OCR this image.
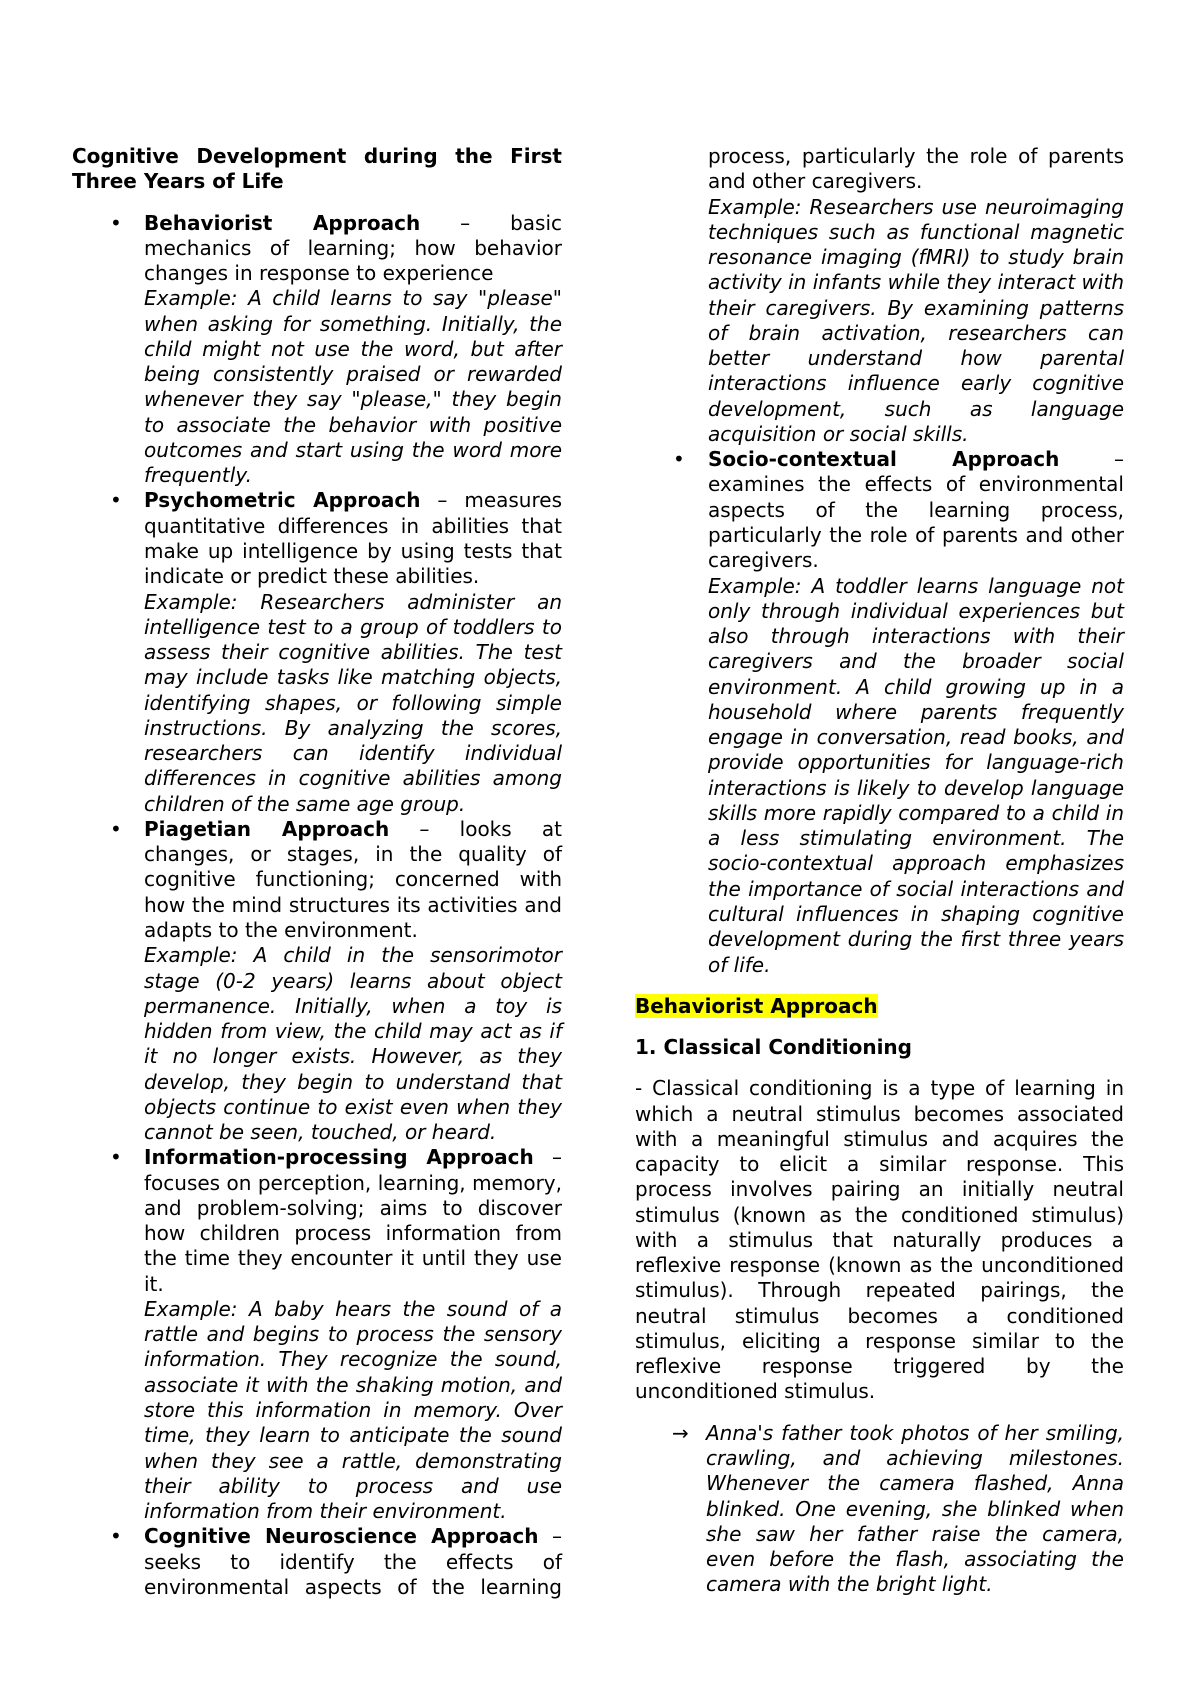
Cognitive Development during the First Three Years of Life
• Behaviorist Approach – basic mechanics of learning; how behavior changes in response to experience
Example: A child learns to say "please" when asking for something. Initially, the child might not use the word, but after being consistently praised or rewarded whenever they say "please," they begin to associate the behavior with positive outcomes and start using the word more frequently.
• Psychometric Approach – measures quantitative differences in abilities that make up intelligence by using tests that indicate or predict these abilities.
Example: Researchers administer an intelligence test to a group of toddlers to assess their cognitive abilities. The test may include tasks like matching objects, identifying shapes, or following simple instructions. By analyzing the scores, researchers can identify individual differences in cognitive abilities among children of the same age group.
• Piagetian Approach – looks at changes, or stages, in the quality of cognitive functioning; concerned with how the mind structures its activities and adapts to the environment.
Example: A child in the sensorimotor stage (0-2 years) learns about object permanence. Initially, when a toy is hidden from view, the child may act as if it no longer exists. However, as they develop, they begin to understand that objects continue to exist even when they cannot be seen, touched, or heard.
• Information-processing Approach – focuses on perception, learning, memory, and problem-solving; aims to discover how children process information from the time they encounter it until they use it.
Example: A baby hears the sound of a rattle and begins to process the sensory information. They recognize the sound, associate it with the shaking motion, and store this information in memory. Over time, they learn to anticipate the sound when they see a rattle, demonstrating their ability to process and use information from their environment.
• Cognitive Neuroscience Approach – seeks to identify the effects of environmental aspects of the learning
process, particularly the role of parents and other caregivers.
Example: Researchers use neuroimaging techniques such as functional magnetic resonance imaging (fMRI) to study brain activity in infants while they interact with their caregivers. By examining patterns of brain activation, researchers can better understand how parental interactions influence early cognitive development, such as language acquisition or social skills.
• Socio-contextual Approach	– examines the effects of environmental aspects of the learning process, particularly the role of parents and other caregivers.
Example: A toddler learns language not only through individual experiences but also through interactions with their caregivers and the broader social environment. A child growing up in a household where parents frequently engage in conversation, read books, and provide opportunities for language-rich interactions is likely to develop language skills more rapidly compared to a child in a less stimulating environment. The socio-contextual approach emphasizes the importance of social interactions and cultural influences in shaping cognitive development during the first three years of life.
Behaviorist Approach
1. Classical Conditioning
- Classical conditioning is a type of learning in which a neutral stimulus becomes associated with a meaningful stimulus and acquires the capacity to elicit a similar response. This process involves pairing an initially neutral stimulus (known as the conditioned stimulus) with a stimulus that naturally produces a reflexive response (known as the unconditioned stimulus). Through repeated pairings, the neutral stimulus becomes a conditioned stimulus, eliciting a response similar to the reflexive response triggered by the unconditioned stimulus.
→ Anna's father took photos of her smiling, crawling, and achieving milestones. Whenever the camera flashed, Anna blinked. One evening, she blinked when she saw her father raise the camera, even before the flash, associating the camera with the bright light.
